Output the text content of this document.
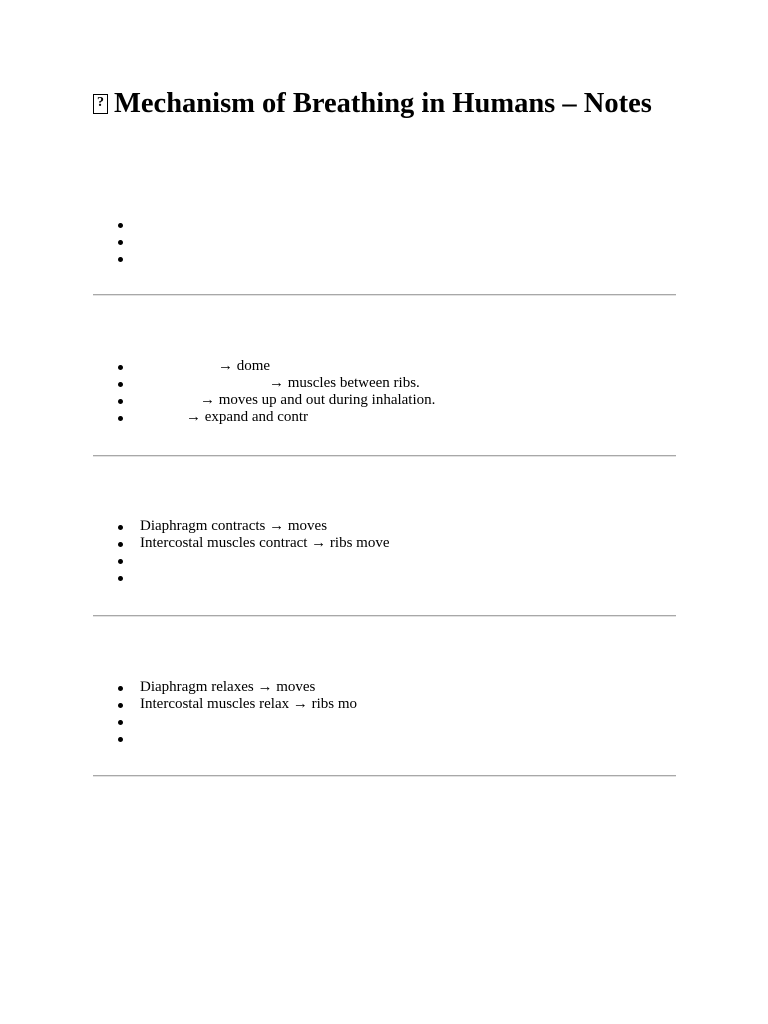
?Mechanism of Breathing in Humans – Notes
→ dome
→ muscles between ribs.
→ moves up and out during inhalation.
→ expand and contr
Diaphragm contracts → moves
Intercostal muscles contract → ribs move
Diaphragm relaxes → moves
Intercostal muscles relax → ribs mo
